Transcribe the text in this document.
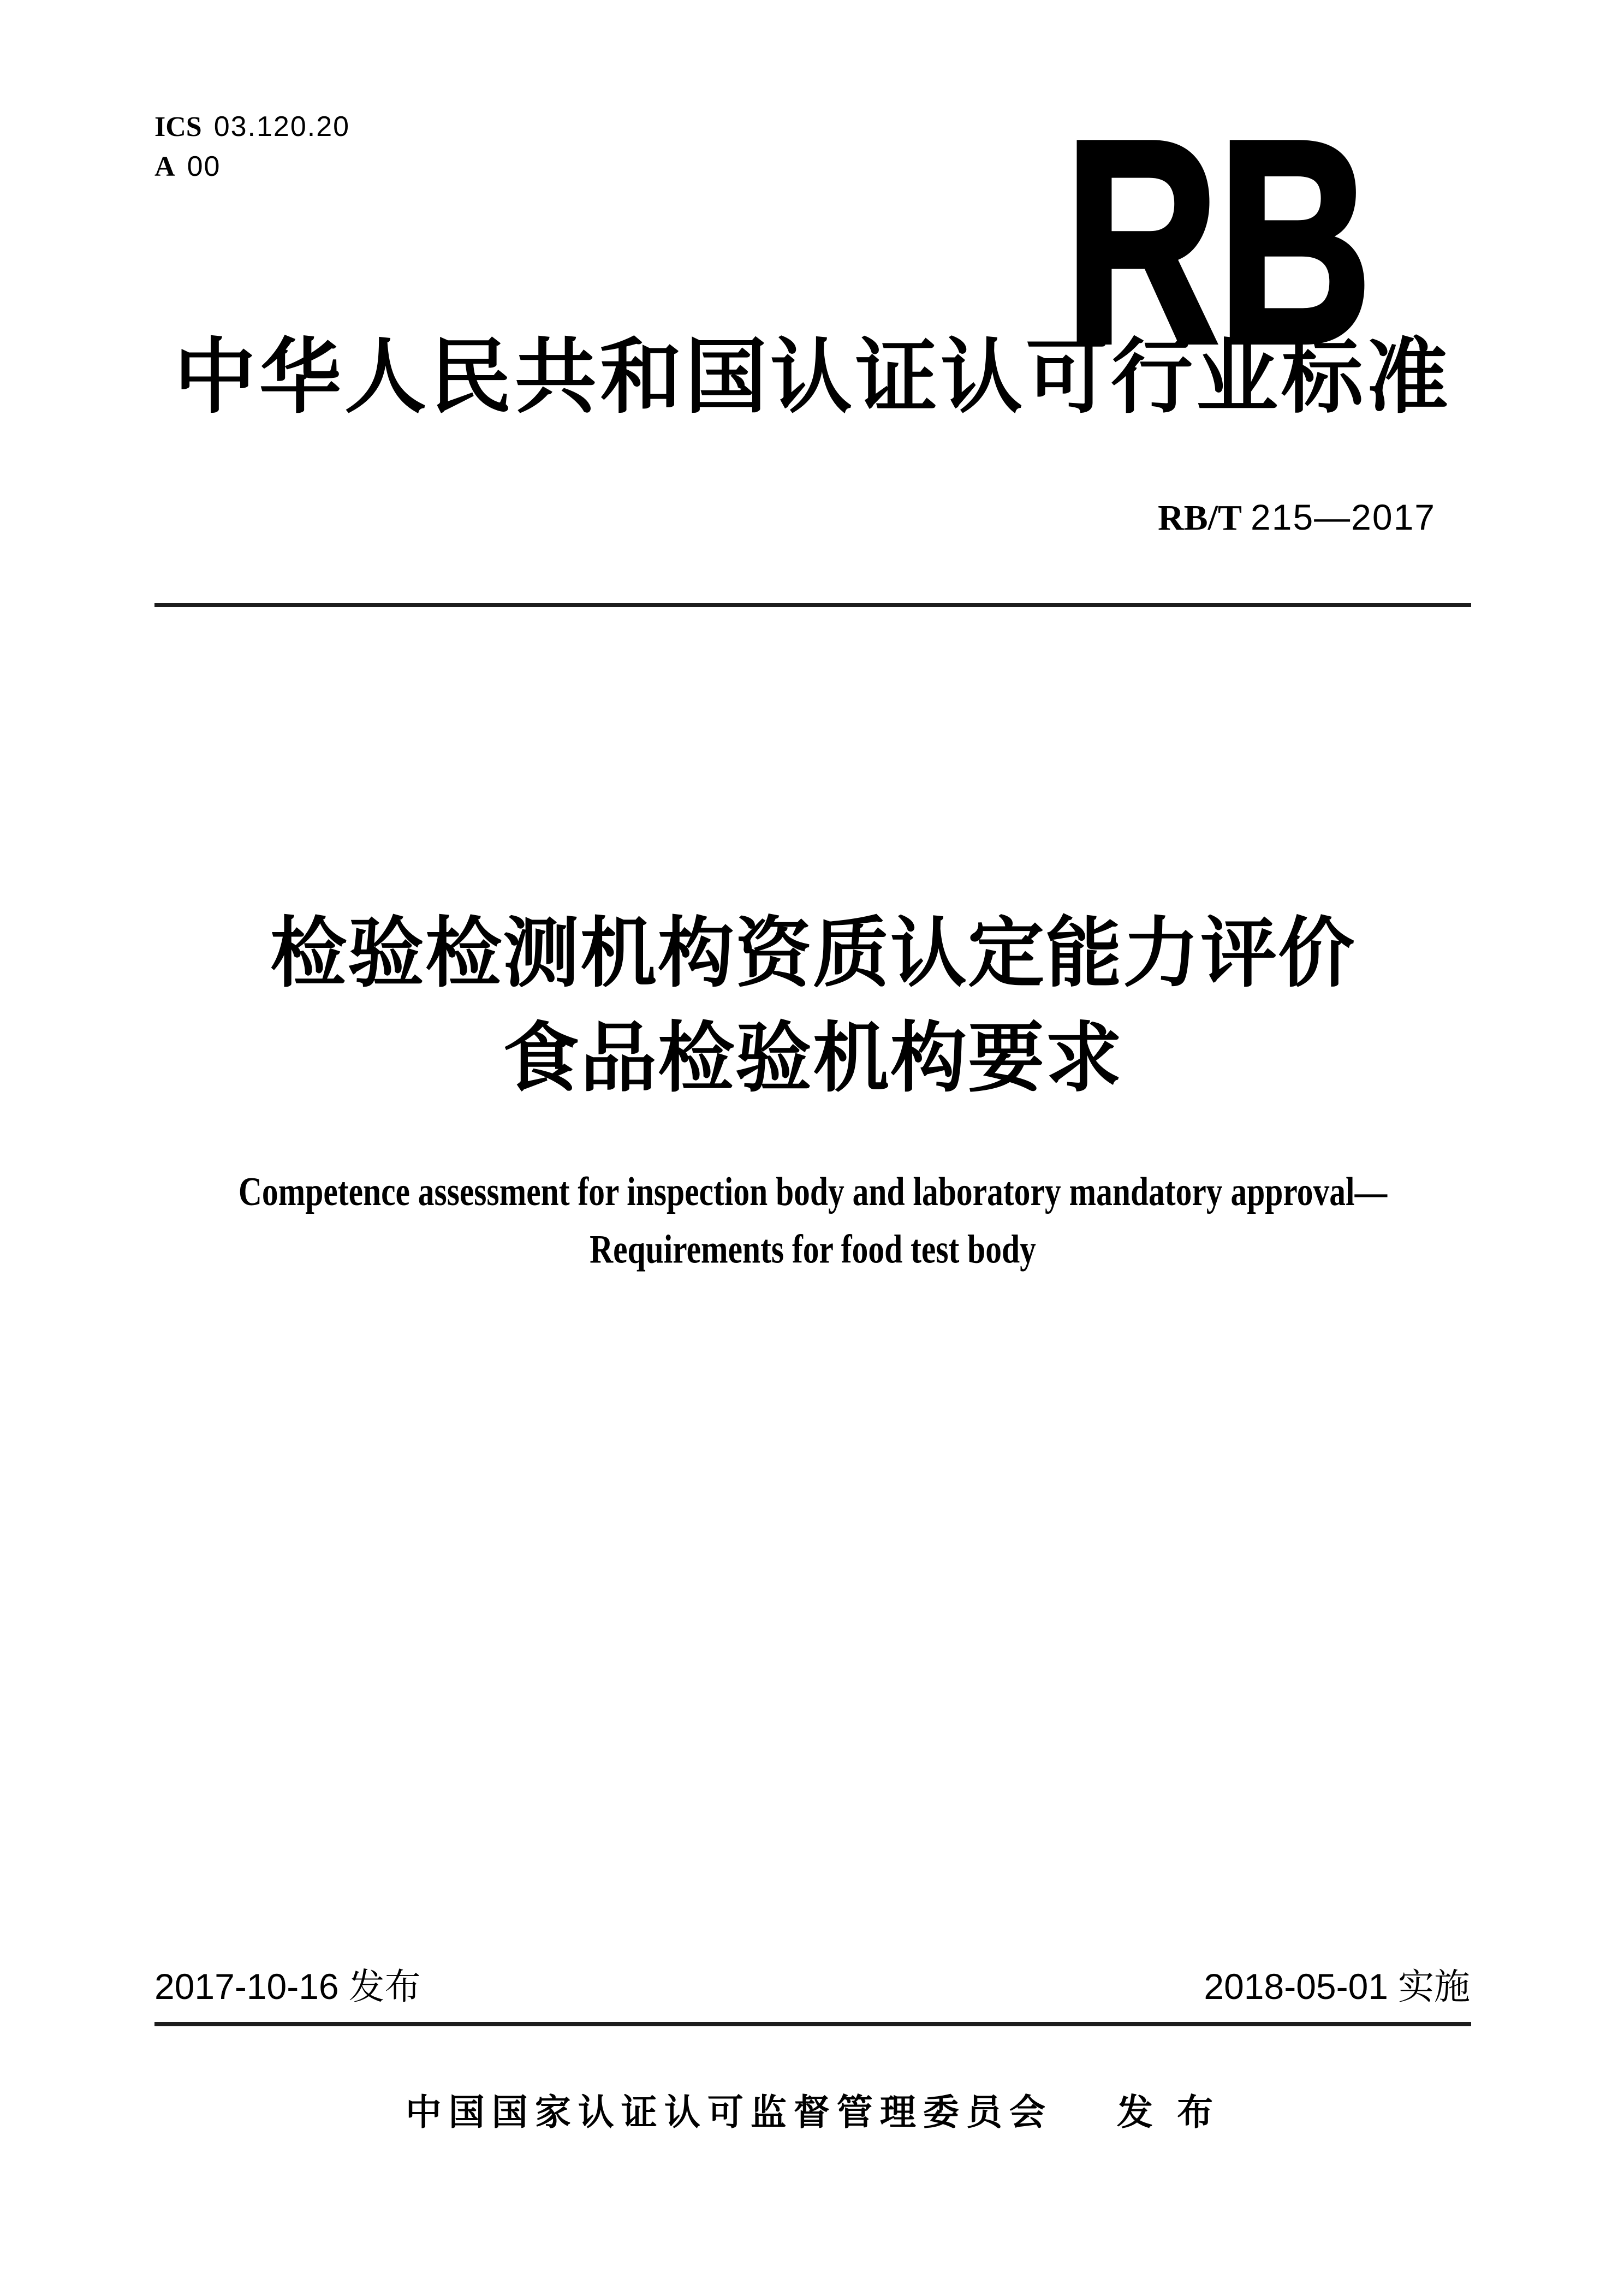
ICS 03.120.20
A 00	RB
中华人民共和国认证认可行业标准
RB/T 215—2017
检验检测机构资质认定能力评价
食品检验机构要求
Competence assessment for inspection body and laboratory mandatory approval—
Requirements for food test body
2017-10-16 发布	2018-05-01 实施
中国国家认证认可监督管理委员会 发 布
